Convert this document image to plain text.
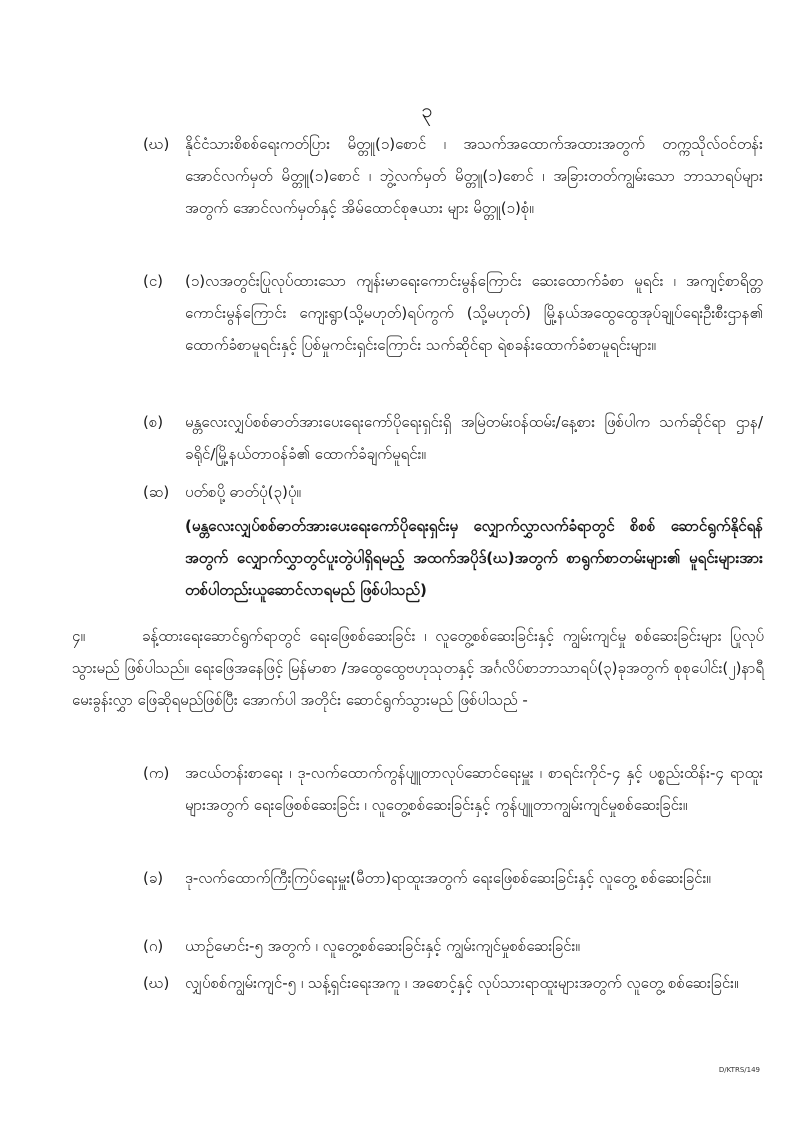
၃
(ဃ)	နိုင်ငံသားစိစစ်ရေးကတ်ပြား မိတ္တူ(၁)စောင် ၊ အသက်အထောက်အထားအတွက် တက္ကသိုလ်ဝင်တန်း အောင်လက်မှတ် မိတ္တူ(၁)စောင် ၊ ဘွဲ့လက်မှတ် မိတ္တူ(၁)စောင် ၊ အခြားတတ်ကျွမ်းသော ဘာသာရပ်များအတွက် အောင်လက်မှတ်နှင့် အိမ်ထောင်စုဇယား များ မိတ္တူ(၁)စုံ။
(င)	(၁)လအတွင်းပြုလုပ်ထားသော ကျန်းမာရေးကောင်းမွန်ကြောင်း ဆေးထောက်ခံစာ မူရင်း ၊ အကျင့်စာရိတ္တကောင်းမွန်ကြောင်း ကျေးရွာ(သို့မဟုတ်)ရပ်ကွက် (သို့မဟုတ်) မြို့နယ်အထွေထွေအုပ်ချုပ်ရေးဦးစီးဌာန၏ ထောက်ခံစာမူရင်းနှင့် ပြစ်မှုကင်းရှင်းကြောင်း သက်ဆိုင်ရာ ရဲစခန်းထောက်ခံစာမူရင်းများ။
(စ)	မန္တလေးလျှပ်စစ်ဓာတ်အားပေးရေးကော်ပိုရေးရှင်းရှိ အမြဲတမ်းဝန်ထမ်း/နေ့စား ဖြစ်ပါက သက်ဆိုင်ရာ ဌာန/ခရိုင်/မြို့နယ်တာဝန်ခံ၏ ထောက်ခံချက်မူရင်း။
(ဆ)	ပတ်စပို့ ဓာတ်ပုံ(၃)ပုံ။
(မန္တလေးလျှပ်စစ်ဓာတ်အားပေးရေးကော်ပိုရေးရှင်းမှ လျှောက်လွှာလက်ခံရာတွင် စိစစ် ဆောင်ရွက်နိုင်ရန်အတွက် လျှောက်လွှာတွင်ပူးတွဲပါရှိရမည့် အထက်အပိုဒ်(ဃ)အတွက် စာရွက်စာတမ်းများ၏ မူရင်းများအား တစ်ပါတည်းယူဆောင်လာရမည် ဖြစ်ပါသည်)
၄။	ခန့်ထားရေးဆောင်ရွက်ရာတွင် ရေးဖြေစစ်ဆေးခြင်း ၊ လူတွေ့စစ်ဆေးခြင်းနှင့် ကျွမ်းကျင်မှု စစ်ဆေးခြင်းများ ပြုလုပ်သွားမည် ဖြစ်ပါသည်။ ရေးဖြေအနေဖြင့် မြန်မာစာ /အထွေထွေဗဟုသုတနှင့် အင်္ဂလိပ်စာဘာသာရပ်(၃)ခုအတွက် စုစုပေါင်း(၂)နာရီမေးခွန်းလွှာ ဖြေဆိုရမည်ဖြစ်ပြီး အောက်ပါ အတိုင်း ဆောင်ရွက်သွားမည် ဖြစ်ပါသည် -
(က)	အငယ်တန်းစာရေး ၊ ဒု-လက်ထောက်ကွန်ပျူတာလုပ်ဆောင်ရေးမှူး ၊ စာရင်းကိုင်-၄ နှင့် ပစ္စည်းထိန်း-၄ ရာထူးများအတွက် ရေးဖြေစစ်ဆေးခြင်း ၊ လူတွေ့စစ်ဆေးခြင်းနှင့် ကွန်ပျူတာကျွမ်းကျင်မှုစစ်ဆေးခြင်း။
(ခ)	ဒု-လက်ထောက်ကြီးကြပ်ရေးမှူး(မီတာ)ရာထူးအတွက် ရေးဖြေစစ်ဆေးခြင်းနှင့် လူတွေ့ စစ်ဆေးခြင်း။
(ဂ)	ယာဉ်မောင်း-၅ အတွက် ၊ လူတွေ့စစ်ဆေးခြင်းနှင့် ကျွမ်းကျင်မှုစစ်ဆေးခြင်း။
(ဃ)	လျှပ်စစ်ကျွမ်းကျင်-၅ ၊ သန့်ရှင်းရေးအကူ ၊ အစောင့်နှင့် လုပ်သားရာထူးများအတွက် လူတွေ့ စစ်ဆေးခြင်း။
D/KTRS/149
